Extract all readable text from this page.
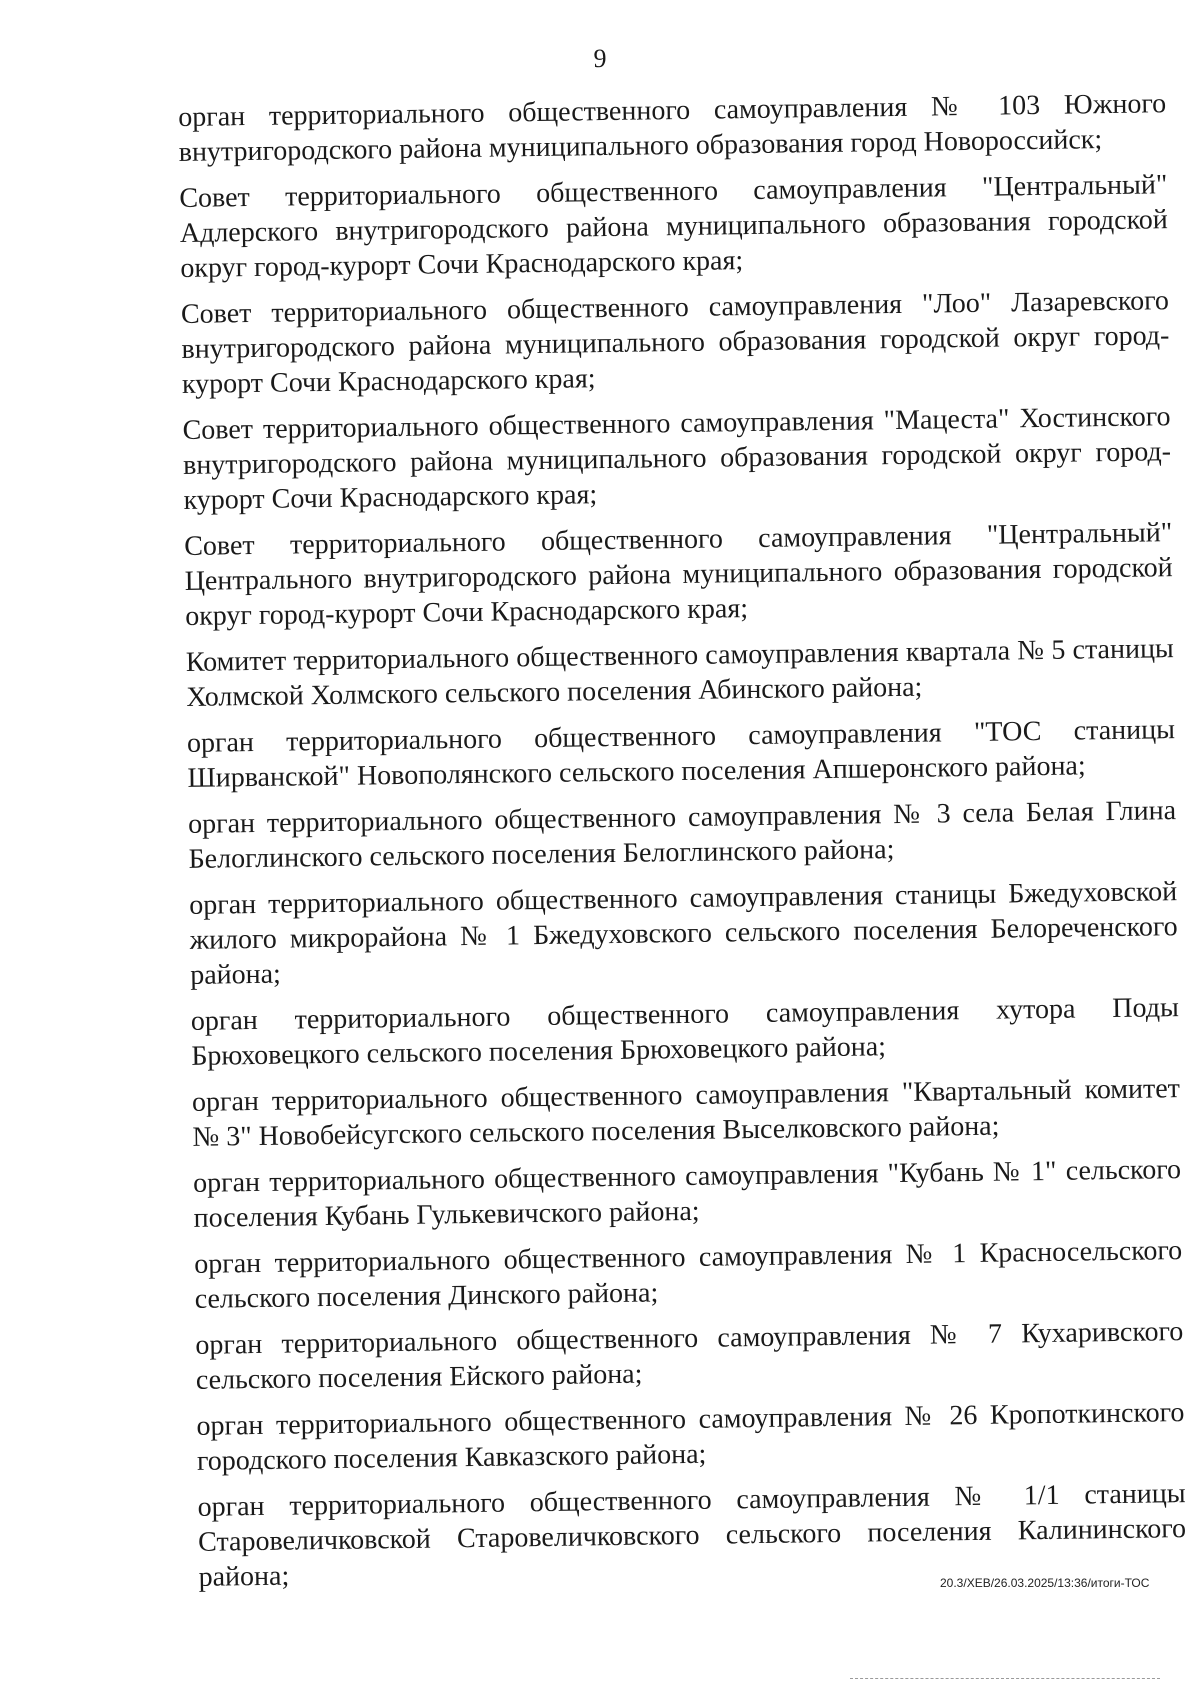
9

орган территориального общественного самоуправления № 103 Южного внутригородского района муниципального образования город Новороссийск;

Совет территориального общественного самоуправления "Центральный" Адлерского внутригородского района муниципального образования городской округ город-курорт Сочи Краснодарского края;

Совет территориального общественного самоуправления "Лоо" Лазаревского внутригородского района муниципального образования городской округ город-курорт Сочи Краснодарского края;

Совет территориального общественного самоуправления "Мацеста" Хостинского внутригородского района муниципального образования городской округ город-курорт Сочи Краснодарского края;

Совет территориального общественного самоуправления "Центральный" Центрального внутригородского района муниципального образования городской округ город-курорт Сочи Краснодарского края;

Комитет территориального общественного самоуправления квартала № 5 станицы Холмской Холмского сельского поселения Абинского района;

орган территориального общественного самоуправления "ТОС станицы Ширванской" Новополянского сельского поселения Апшеронского района;

орган территориального общественного самоуправления № 3 села Белая Глина Белоглинского сельского поселения Белоглинского района;

орган территориального общественного самоуправления станицы Бжедуховской жилого микрорайона № 1 Бжедуховского сельского поселения Белореченского района;

орган территориального общественного самоуправления хутора Поды Брюховецкого сельского поселения Брюховецкого района;

орган территориального общественного самоуправления "Квартальный комитет № 3" Новобейсугского сельского поселения Выселковского района;

орган территориального общественного самоуправления "Кубань № 1" сельского поселения Кубань Гулькевичского района;

орган территориального общественного самоуправления № 1 Красносельского сельского поселения Динского района;

орган территориального общественного самоуправления № 7 Кухаривского сельского поселения Ейского района;

орган территориального общественного самоуправления № 26 Кропоткинского городского поселения Кавказского района;

орган территориального общественного самоуправления № 1/1 станицы Старовеличковской Старовеличковского сельского поселения Калининского района;	20.3/ХЕВ/26.03.2025/13:36/итоги-ТОС
